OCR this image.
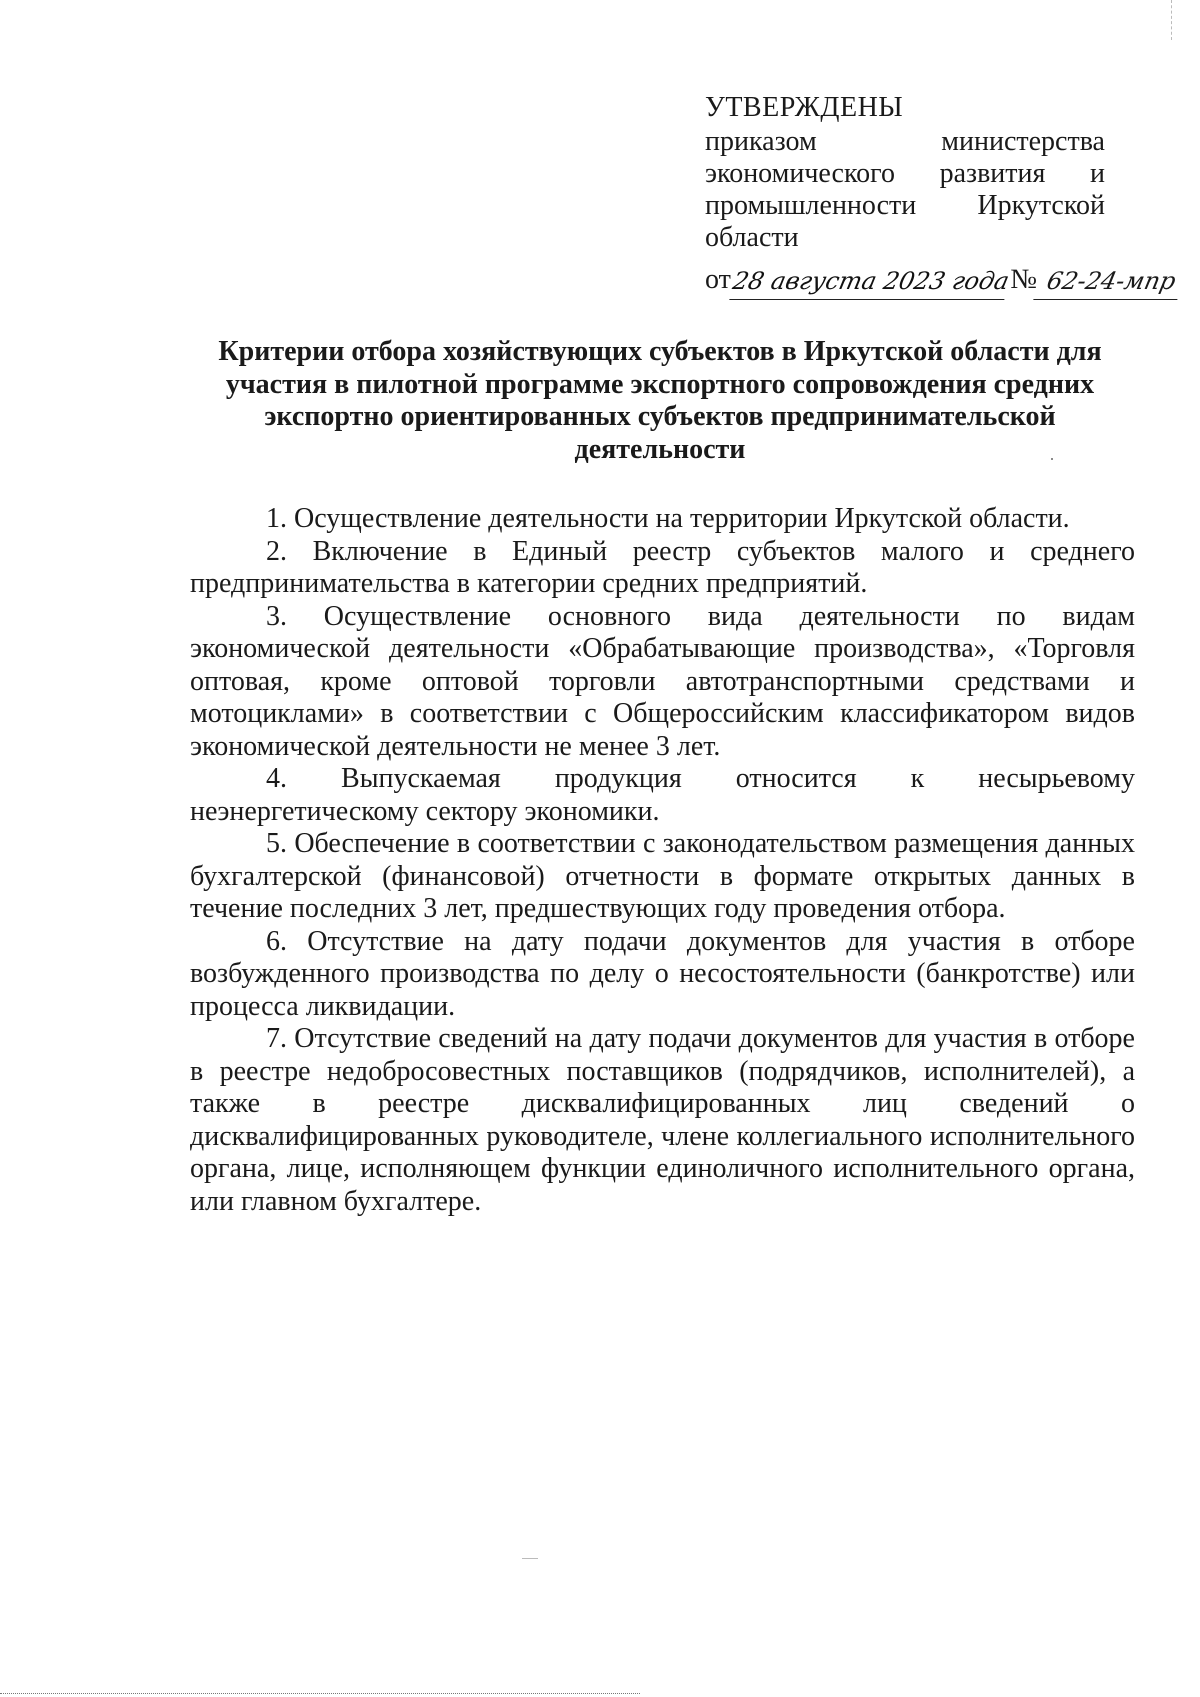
УТВЕРЖДЕНЫ
приказом	министерства
экономического развития и
промышленности Иркутской
области
от 28 августа 2023 года
№ 62-24-мпр
Критерии отбора хозяйствующих субъектов в Иркутской области для
участия в пилотной программе экспортного сопровождения средних
экспортно ориентированных субъектов предпринимательской
деятельности

1. Осуществление деятельности на территории Иркутской области.

2. Включение в Единый реестр субъектов малого и среднего предпринимательства в категории средних предприятий.

3. Осуществление основного вида деятельности по видам экономической деятельности «Обрабатывающие производства», «Торговля оптовая, кроме оптовой торговли автотранспортными средствами и мотоциклами» в соответствии с Общероссийским классификатором видов экономической деятельности не менее 3 лет.

4. Выпускаемая продукция относится к несырьевому неэнергетическому сектору экономики.

5. Обеспечение в соответствии с законодательством размещения данных бухгалтерской (финансовой) отчетности в формате открытых данных в течение последних 3 лет, предшествующих году проведения отбора.

6. Отсутствие на дату подачи документов для участия в отборе возбужденного производства по делу о несостоятельности (банкротстве) или процесса ликвидации.

7. Отсутствие сведений на дату подачи документов для участия в отборе в реестре недобросовестных поставщиков (подрядчиков, исполнителей), а также в реестре дисквалифицированных лиц сведений о дисквалифицированных руководителе, члене коллегиального исполнительного органа, лице, исполняющем функции единоличного исполнительного органа, или главном бухгалтере.
